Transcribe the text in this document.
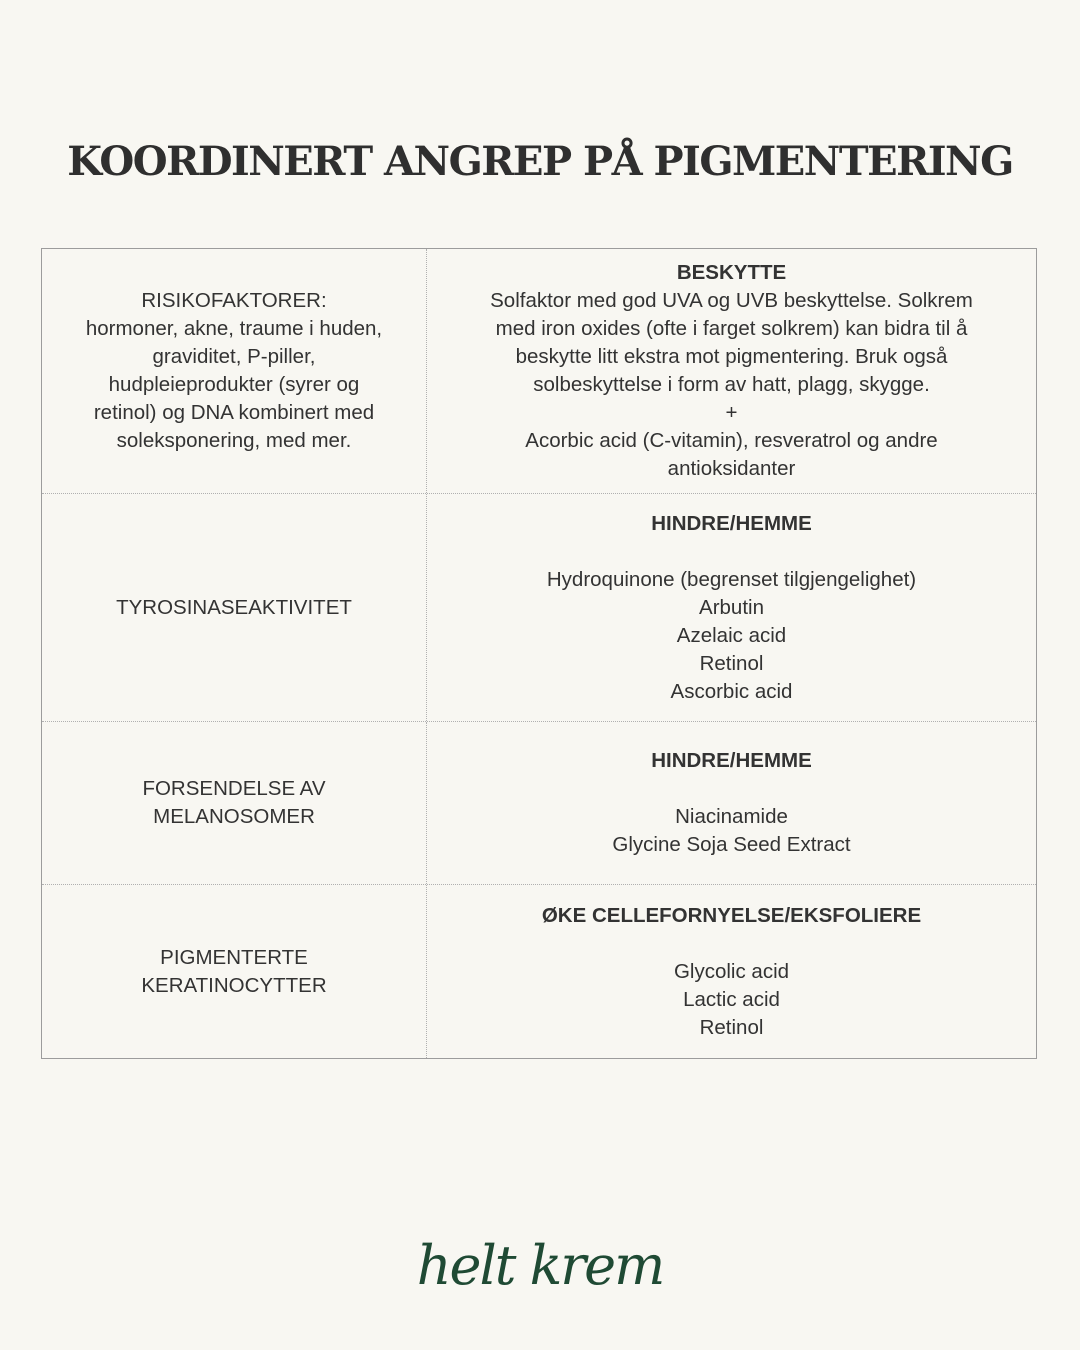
KOORDINERT ANGREP PÅ PIGMENTERING
RISIKOFAKTORER:
hormoner, akne, traume i huden,
graviditet, P-piller,
hudpleieprodukter (syrer og
retinol) og DNA kombinert med
soleksponering, med mer.
BESKYTTE
Solfaktor med god UVA og UVB beskyttelse. Solkrem
med iron oxides (ofte i farget solkrem) kan bidra til å
beskytte litt ekstra mot pigmentering. Bruk også
solbeskyttelse i form av hatt, plagg, skygge.
+
Acorbic acid (C-vitamin), resveratrol og andre
antioksidanter
TYROSINASEAKTIVITET
HINDRE/HEMME
Hydroquinone (begrenset tilgjengelighet)
Arbutin
Azelaic acid
Retinol
Ascorbic acid
FORSENDELSE AV
MELANOSOMER
HINDRE/HEMME
Niacinamide
Glycine Soja Seed Extract
PIGMENTERTE
KERATINOCYTTER
ØKE CELLEFORNYELSE/EKSFOLIERE
Glycolic acid
Lactic acid
Retinol
helt krem
